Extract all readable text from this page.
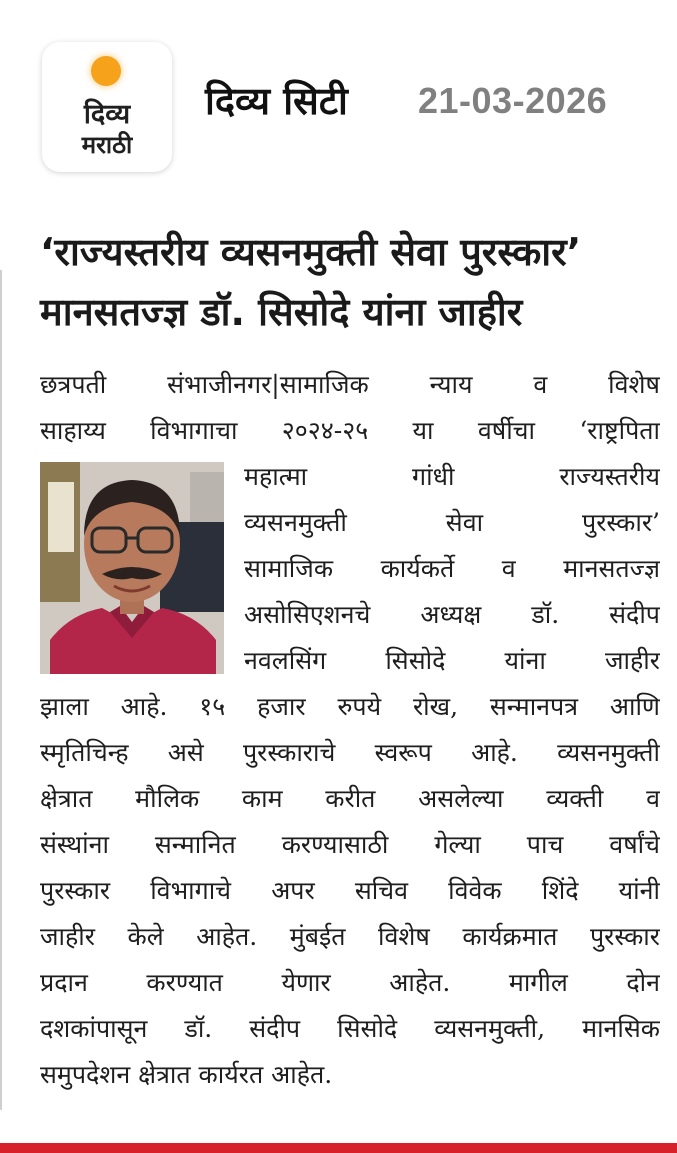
दिव्य
मराठी
दिव्य सिटी 21-03-2026
‘राज्यस्तरीय व्यसनमुक्ती सेवा पुरस्कार’
मानसतज्ज्ञ डॉ. सिसोदे यांना जाहीर
छत्रपती संभाजीनगर|सामाजिक न्याय व विशेष
साहाय्य विभागाचा २०२४-२५ या वर्षीचा ‘राष्ट्रपिता
महात्मा गांधी राज्यस्तरीय
व्यसनमुक्ती सेवा पुरस्कार’
सामाजिक कार्यकर्ते व मानसतज्ज्ञ
असोसिएशनचे अध्यक्ष डॉ. संदीप
नवलसिंग सिसोदे यांना जाहीर
झाला आहे. १५ हजार रुपये रोख, सन्मानपत्र आणि
स्मृतिचिन्ह असे पुरस्काराचे स्वरूप आहे. व्यसनमुक्ती
क्षेत्रात मौलिक काम करीत असलेल्या व्यक्ती व
संस्थांना सन्मानित करण्यासाठी गेल्या पाच वर्षांचे
पुरस्कार विभागाचे अपर सचिव विवेक शिंदे यांनी
जाहीर केले आहेत. मुंबईत विशेष कार्यक्रमात पुरस्कार
प्रदान करण्यात येणार आहेत. मागील दोन
दशकांपासून डॉ. संदीप सिसोदे व्यसनमुक्ती, मानसिक
समुपदेशन क्षेत्रात कार्यरत आहेत.
